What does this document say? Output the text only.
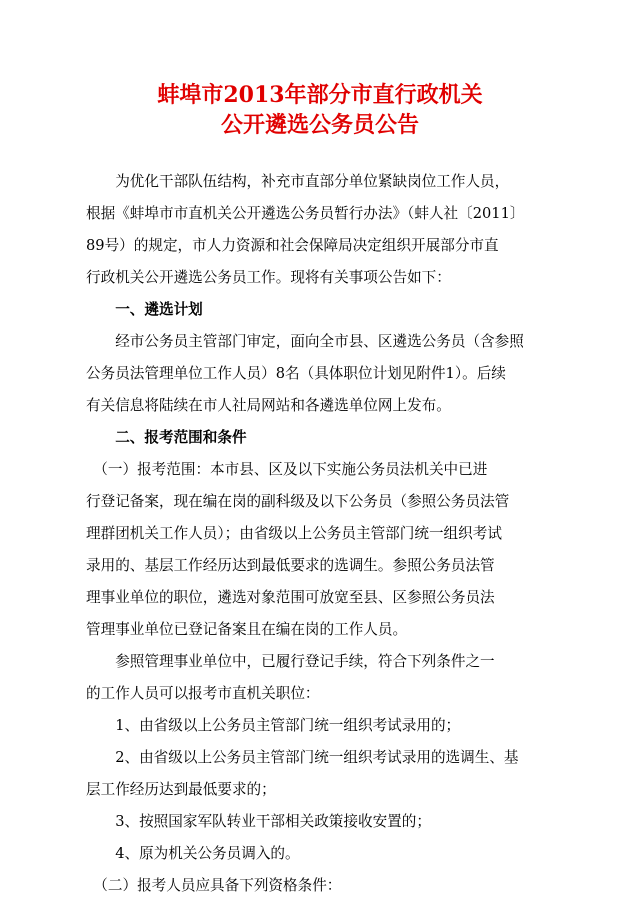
蚌埠市2013年部分市直行政机关
公开遴选公务员公告
　　为优化干部队伍结构，补充市直部分单位紧缺岗位工作人员，
根据《蚌埠市市直机关公开遴选公务员暂行办法》（蚌人社〔2011〕
89号）的规定，市人力资源和社会保障局决定组织开展部分市直
行政机关公开遴选公务员工作。现将有关事项公告如下：
　　一、遴选计划
　　经市公务员主管部门审定，面向全市县、区遴选公务员（含参照
公务员法管理单位工作人员）8名（具体职位计划见附件1）。后续
有关信息将陆续在市人社局网站和各遴选单位网上发布。
　　二、报考范围和条件
　（一）报考范围：本市县、区及以下实施公务员法机关中已进
行登记备案，现在编在岗的副科级及以下公务员（参照公务员法管
理群团机关工作人员）；由省级以上公务员主管部门统一组织考试
录用的、基层工作经历达到最低要求的选调生。参照公务员法管
理事业单位的职位，遴选对象范围可放宽至县、区参照公务员法
管理事业单位已登记备案且在编在岗的工作人员。
　　参照管理事业单位中，已履行登记手续，符合下列条件之一
的工作人员可以报考市直机关职位：
　　1、由省级以上公务员主管部门统一组织考试录用的；
　　2、由省级以上公务员主管部门统一组织考试录用的选调生、基
层工作经历达到最低要求的；
　　3、按照国家军队转业干部相关政策接收安置的；
　　4、原为机关公务员调入的。
　（二）报考人员应具备下列资格条件：
